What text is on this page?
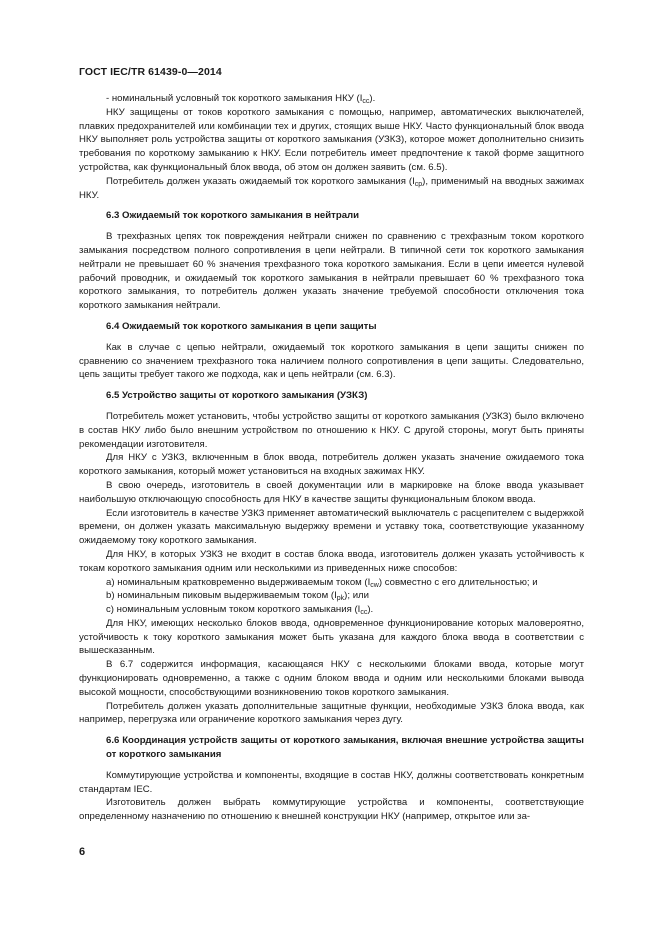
ГОСТ IEC/TR 61439-0—2014

- номинальный условный ток короткого замыкания НКУ $(I_{cc})$.

НКУ защищены от токов короткого замыкания с помощью, например, автоматических выключателей, плавких предохранителей или комбинации тех и других, стоящих выше НКУ. Часто функциональный блок ввода НКУ выполняет роль устройства защиты от короткого замыкания (УЗКЗ), которое может дополнительно снизить требования по короткому замыканию к НКУ. Если потребитель имеет предпочтение к такой форме защитного устройства, как функциональный блок ввода, об этом он должен заявить (см. 6.5).

Потребитель должен указать ожидаемый ток короткого замыкания $(I_{cp})$, применимый на вводных зажимах НКУ.

6.3 Ожидаемый ток короткого замыкания в нейтрали

В трехфазных цепях ток повреждения нейтрали снижен по сравнению с трехфазным током короткого замыкания посредством полного сопротивления в цепи нейтрали. В типичной сети ток короткого замыкания нейтрали не превышает 60 % значения трехфазного тока короткого замыкания. Если в цепи имеется нулевой рабочий проводник, и ожидаемый ток короткого замыкания в нейтрали превышает 60 % трехфазного тока короткого замыкания, то потребитель должен указать значение требуемой способности отключения тока короткого замыкания нейтрали.

6.4 Ожидаемый ток короткого замыкания в цепи защиты

Как в случае с цепью нейтрали, ожидаемый ток короткого замыкания в цепи защиты снижен по сравнению со значением трехфазного тока наличием полного сопротивления в цепи защиты. Следовательно, цепь защиты требует такого же подхода, как и цепь нейтрали (см. 6.3).

6.5 Устройство защиты от короткого замыкания (УЗКЗ)

Потребитель может установить, чтобы устройство защиты от короткого замыкания (УЗКЗ) было включено в состав НКУ либо было внешним устройством по отношению к НКУ. С другой стороны, могут быть приняты рекомендации изготовителя.

Для НКУ с УЗКЗ, включенным в блок ввода, потребитель должен указать значение ожидаемого тока короткого замыкания, который может установиться на входных зажимах НКУ.

В свою очередь, изготовитель в своей документации или в маркировке на блоке ввода указывает наибольшую отключающую способность для НКУ в качестве защиты функциональным блоком ввода.

Если изготовитель в качестве УЗКЗ применяет автоматический выключатель с расцепителем с выдержкой времени, он должен указать максимальную выдержку времени и уставку тока, соответствующие указанному ожидаемому току короткого замыкания.

Для НКУ, в которых УЗКЗ не входит в состав блока ввода, изготовитель должен указать устойчивость к токам короткого замыкания одним или несколькими из приведенных ниже способов:

а) номинальным кратковременно выдерживаемым током $(I_{cw})$ совместно с его длительностью; и

b) номинальным пиковым выдерживаемым током $(I_{pk})$; или

с) номинальным условным током короткого замыкания $(I_{cc})$.

Для НКУ, имеющих несколько блоков ввода, одновременное функционирование которых маловероятно, устойчивость к току короткого замыкания может быть указана для каждого блока ввода в соответствии с вышесказанным.

В 6.7 содержится информация, касающаяся НКУ с несколькими блоками ввода, которые могут функционировать одновременно, а также с одним блоком ввода и одним или несколькими блоками вывода высокой мощности, способствующими возникновению токов короткого замыкания.

Потребитель должен указать дополнительные защитные функции, необходимые УЗКЗ блока ввода, как например, перегрузка или ограничение короткого замыкания через дугу.

6.6 Координация устройств защиты от короткого замыкания, включая внешние устройства защиты от короткого замыкания

Коммутирующие устройства и компоненты, входящие в состав НКУ, должны соответствовать конкретным стандартам IEC.

Изготовитель должен выбрать коммутирующие устройства и компоненты, соответствующие определенному назначению по отношению к внешней конструкции НКУ (например, открытое или за-

6
